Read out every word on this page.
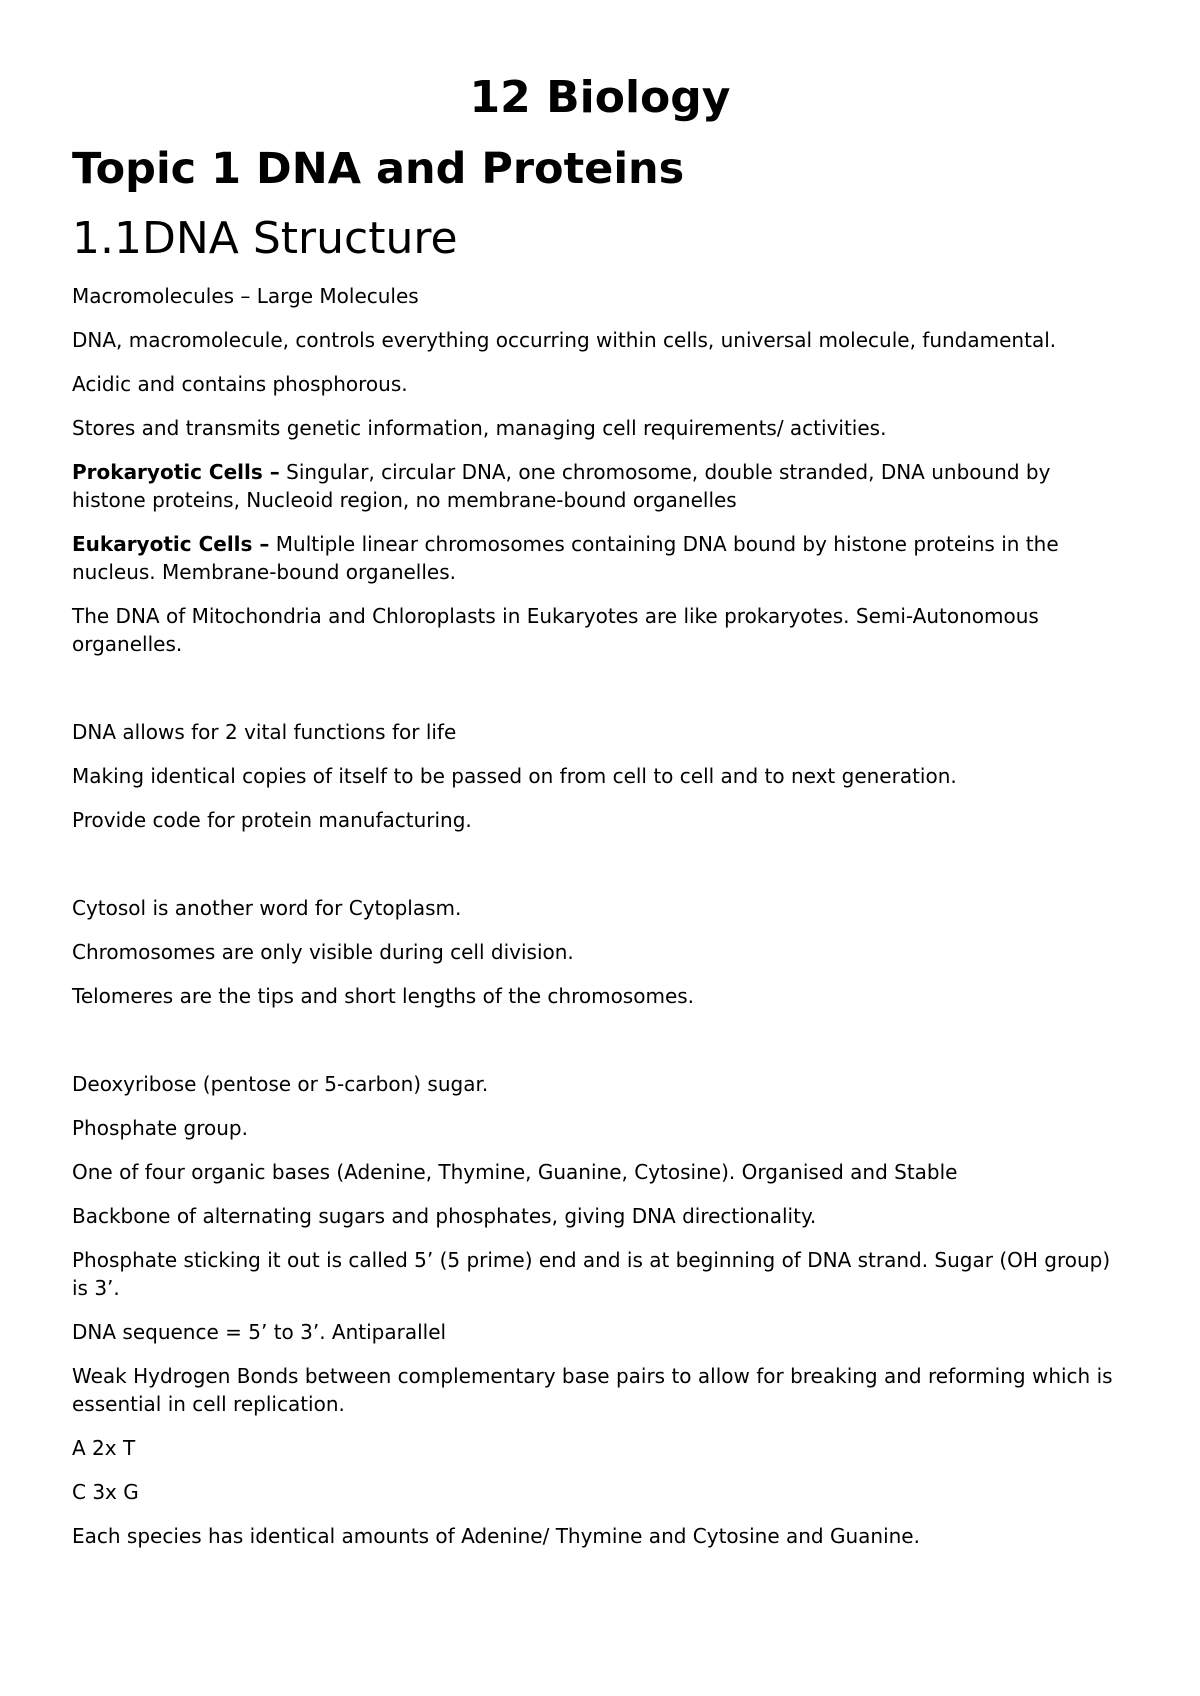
12 Biology
Topic 1 DNA and Proteins
1.1DNA Structure

Macromolecules – Large Molecules

DNA, macromolecule, controls everything occurring within cells, universal molecule, fundamental.

Acidic and contains phosphorous.

Stores and transmits genetic information, managing cell requirements/ activities.

Prokaryotic Cells – Singular, circular DNA, one chromosome, double stranded, DNA unbound by histone proteins, Nucleoid region, no membrane-bound organelles

Eukaryotic Cells – Multiple linear chromosomes containing DNA bound by histone proteins in the nucleus. Membrane-bound organelles.

The DNA of Mitochondria and Chloroplasts in Eukaryotes are like prokaryotes. Semi-Autonomous organelles.

DNA allows for 2 vital functions for life

Making identical copies of itself to be passed on from cell to cell and to next generation.

Provide code for protein manufacturing.

Cytosol is another word for Cytoplasm.

Chromosomes are only visible during cell division.

Telomeres are the tips and short lengths of the chromosomes.

Deoxyribose (pentose or 5-carbon) sugar.

Phosphate group.

One of four organic bases (Adenine, Thymine, Guanine, Cytosine). Organised and Stable

Backbone of alternating sugars and phosphates, giving DNA directionality.

Phosphate sticking it out is called 5’ (5 prime) end and is at beginning of DNA strand. Sugar (OH group) is 3’.

DNA sequence = 5’ to 3’. Antiparallel

Weak Hydrogen Bonds between complementary base pairs to allow for breaking and reforming which is essential in cell replication.

A 2x T

C 3x G

Each species has identical amounts of Adenine/ Thymine and Cytosine and Guanine.
